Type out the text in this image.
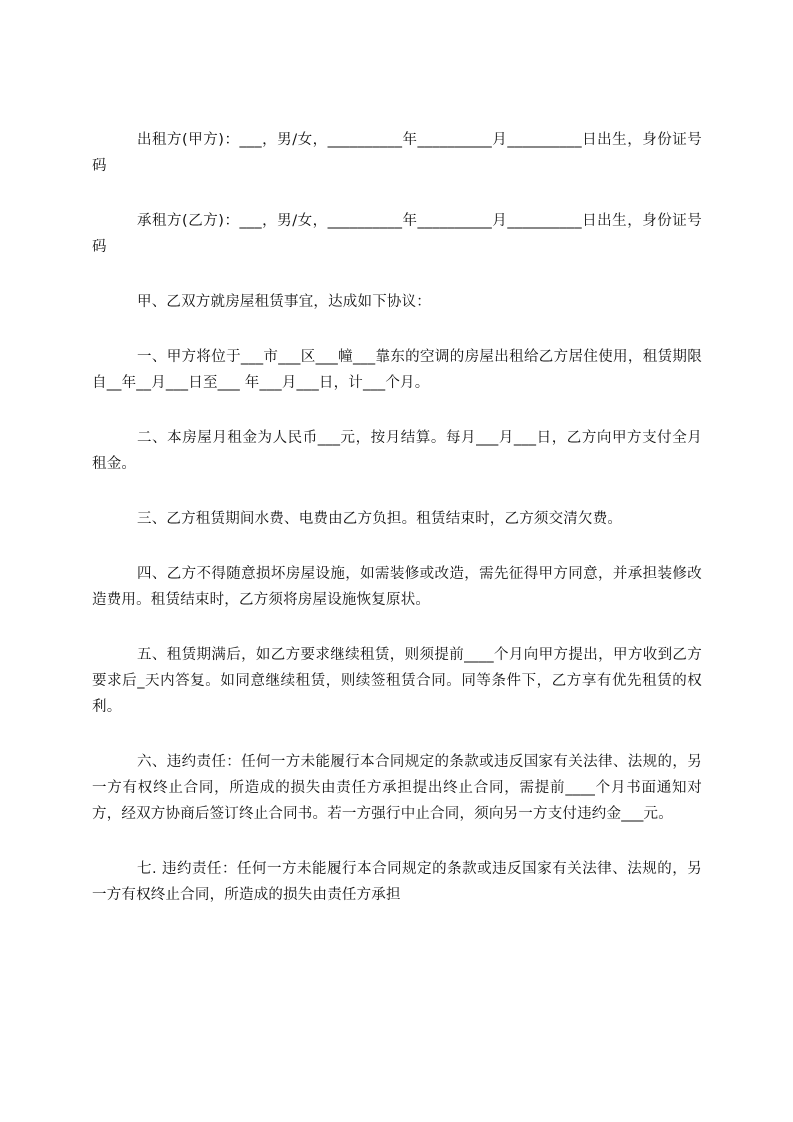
出租方(甲方)：___，男/女，__________年__________月__________日出生，身份证号码

承租方(乙方)：___，男/女，__________年__________月__________日出生，身份证号码

甲、乙双方就房屋租赁事宜，达成如下协议：

一、甲方将位于___市___区___幢___靠东的空调的房屋出租给乙方居住使用，租赁期限自__年__月___日至___ 年___月___日，计___个月。

二、本房屋月租金为人民币___元，按月结算。每月___月___日，乙方向甲方支付全月租金。

三、乙方租赁期间水费、电费由乙方负担。租赁结束时，乙方须交清欠费。

四、乙方不得随意损坏房屋设施，如需装修或改造，需先征得甲方同意，并承担装修改造费用。租赁结束时，乙方须将房屋设施恢复原状。

五、租赁期满后，如乙方要求继续租赁，则须提前____个月向甲方提出，甲方收到乙方要求后_天内答复。如同意继续租赁，则续签租赁合同。同等条件下，乙方享有优先租赁的权利。

六、违约责任：任何一方未能履行本合同规定的条款或违反国家有关法律、法规的，另一方有权终止合同，所造成的损失由责任方承担提出终止合同，需提前____个月书面通知对方，经双方协商后签订终止合同书。若一方强行中止合同，须向另一方支付违约金___元。

七. 违约责任：任何一方未能履行本合同规定的条款或违反国家有关法律、法规的，另一方有权终止合同，所造成的损失由责任方承担
